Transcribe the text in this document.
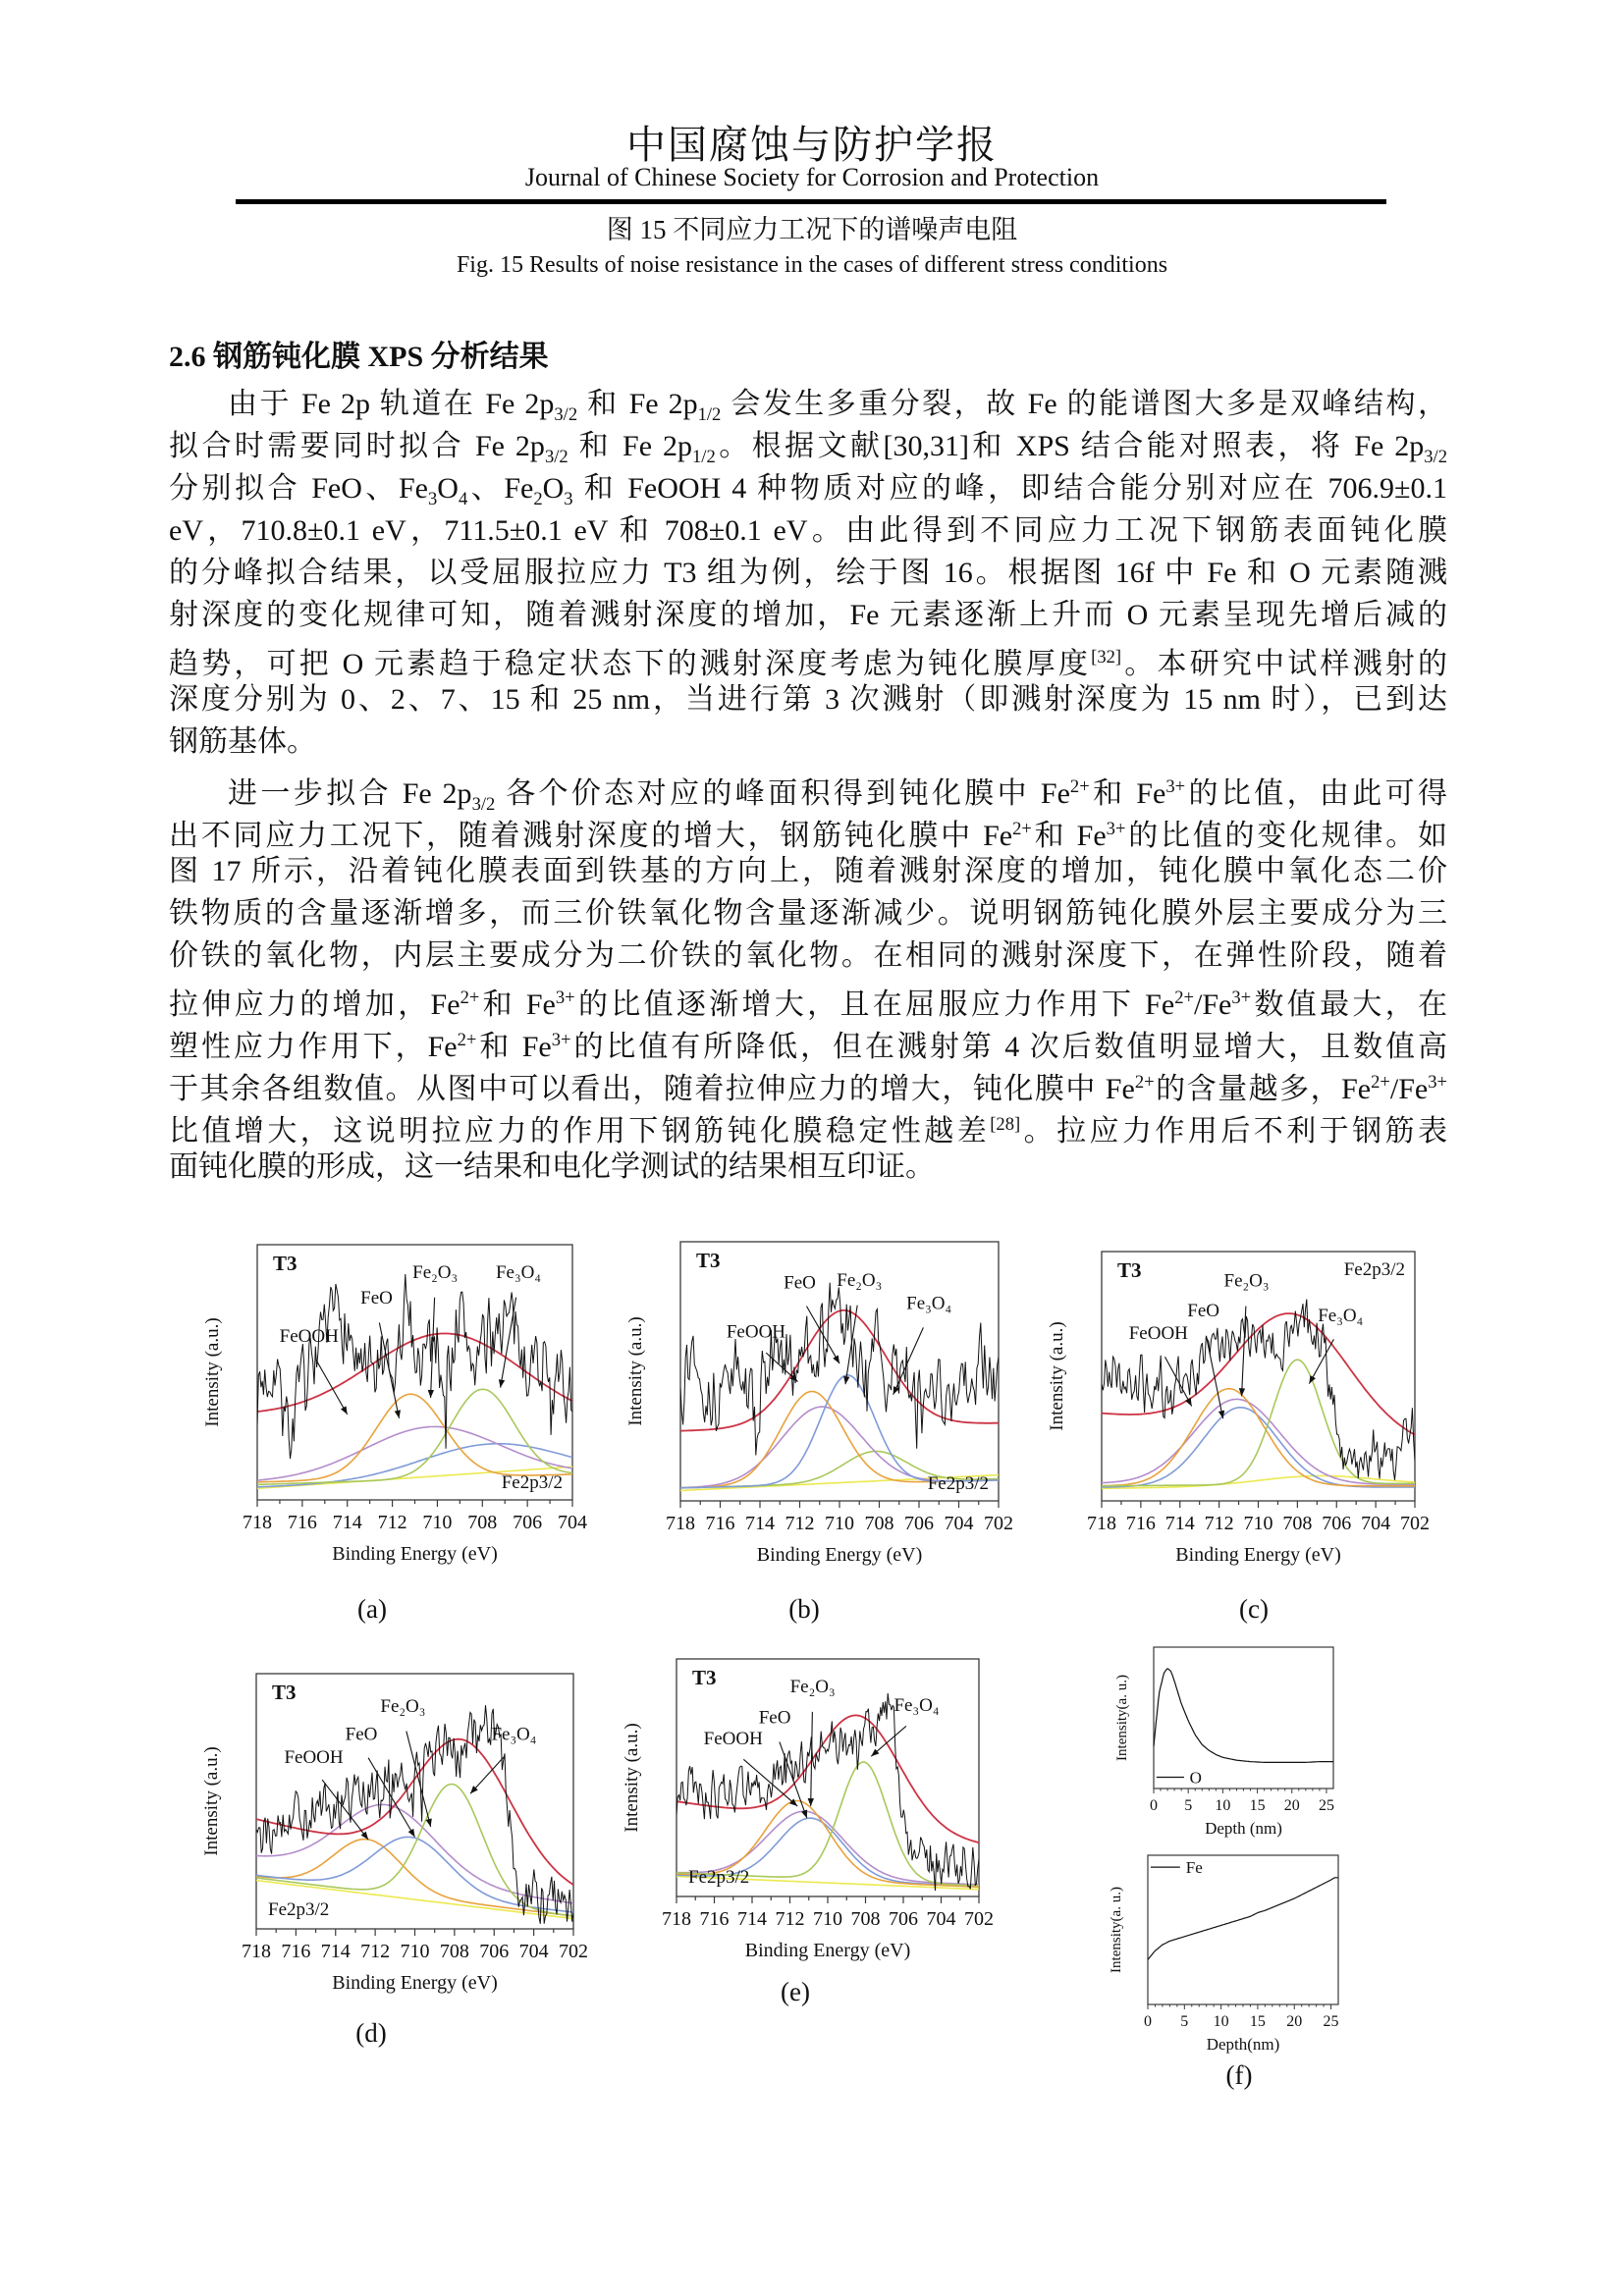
中国腐蚀与防护学报
Journal of Chinese Society for Corrosion and Protection
图 15 不同应力工况下的谱噪声电阻
Fig. 15 Results of noise resistance in the cases of different stress conditions
2.6 钢筋钝化膜 XPS 分析结果
由于 Fe 2p 轨道在 Fe $2p_{3/2}$ 和 Fe $2p_{1/2}$ 会发生多重分裂，故 Fe 的能谱图大多是双峰结构，
拟合时需要同时拟合 Fe $2p_{3/2}$ 和 Fe $2p_{1/2}$。根据文献[30,31]和 XPS 结合能对照表，将 Fe $2p_{3/2}$
分别拟合 FeO、$Fe_3O_4$、$Fe_2O_3$ 和 FeOOH 4 种物质对应的峰，即结合能分别对应在 706.9±0.1
eV，710.8±0.1 eV，711.5±0.1 eV 和 708±0.1 eV。由此得到不同应力工况下钢筋表面钝化膜
的分峰拟合结果，以受屈服拉应力 T3 组为例，绘于图 16。根据图 16f 中 Fe 和 O 元素随溅
射深度的变化规律可知，随着溅射深度的增加，Fe 元素逐渐上升而 O 元素呈现先增后减的
趋势，可把 O 元素趋于稳定状态下的溅射深度考虑为钝化膜厚度[32]。本研究中试样溅射的
深度分别为 0、2、7、15 和 25 nm，当进行第 3 次溅射（即溅射深度为 15 nm 时），已到达
钢筋基体。
进一步拟合 Fe $2p_{3/2}$ 各个价态对应的峰面积得到钝化膜中 $Fe^{2+}$和 $Fe^{3+}$的比值，由此可得
出不同应力工况下，随着溅射深度的增大，钢筋钝化膜中 $Fe^{2+}$和 $Fe^{3+}$的比值的变化规律。如
图 17 所示，沿着钝化膜表面到铁基的方向上，随着溅射深度的增加，钝化膜中氧化态二价
铁物质的含量逐渐增多，而三价铁氧化物含量逐渐减少。说明钢筋钝化膜外层主要成分为三
价铁的氧化物，内层主要成分为二价铁的氧化物。在相同的溅射深度下，在弹性阶段，随着
拉伸应力的增加，$Fe^{2+}$和 $Fe^{3+}$的比值逐渐增大，且在屈服应力作用下 $Fe^{2+}/Fe^{3+}$数值最大，在
塑性应力作用下，$Fe^{2+}$和 $Fe^{3+}$的比值有所降低，但在溅射第 4 次后数值明显增大，且数值高
于其余各组数值。从图中可以看出，随着拉伸应力的增大，钝化膜中 $Fe^{2+}$的含量越多，$Fe^{2+}/Fe^{3+}$
比值增大，这说明拉应力的作用下钢筋钝化膜稳定性越差[28]。拉应力作用后不利于钢筋表
面钝化膜的形成，这一结果和电化学测试的结果相互印证。
718 716 714 712 710 708 706 704
Binding Energy (eV)
Intensity (a.u.)	FeOOH
FeO
Fe₂O₃ Fe₃O₄
T3
Fe2p3/2
(a)
718 716 714 712 710 708 706 704 702
Binding Energy (eV)
Intensity (a.u.)	FeOOH
FeO Fe₂O₃
Fe₃O₄
T3
Fe2p3/2
(b)
718 716 714 712 710 708 706 704 702
Binding Energy (eV)
Intensity (a.u.)	FeOOH
FeO
Fe₂O₃
Fe₃O₄
T3	Fe2p3/2
(c)
718 716 714 712 710 708 706 704 702
Binding Energy (eV)
Intensity (a.u.)	FeOOH
FeO
Fe₂O₃
Fe₃O₄
T3
Fe2p3/2
(d)
718 716 714 712 710 708 706 704 702
Binding Energy (eV)
Intensity (a.u.)	FeOOH
FeO
Fe₂O₃
Fe₃O₄
T3
Fe2p3/2
(e)
0 5 10 15 20 25
Depth (nm)
Intensity(a. u.)
O
0 5 10 15 20 25
Depth(nm)
Intensity(a. u.)
Fe
(f)
